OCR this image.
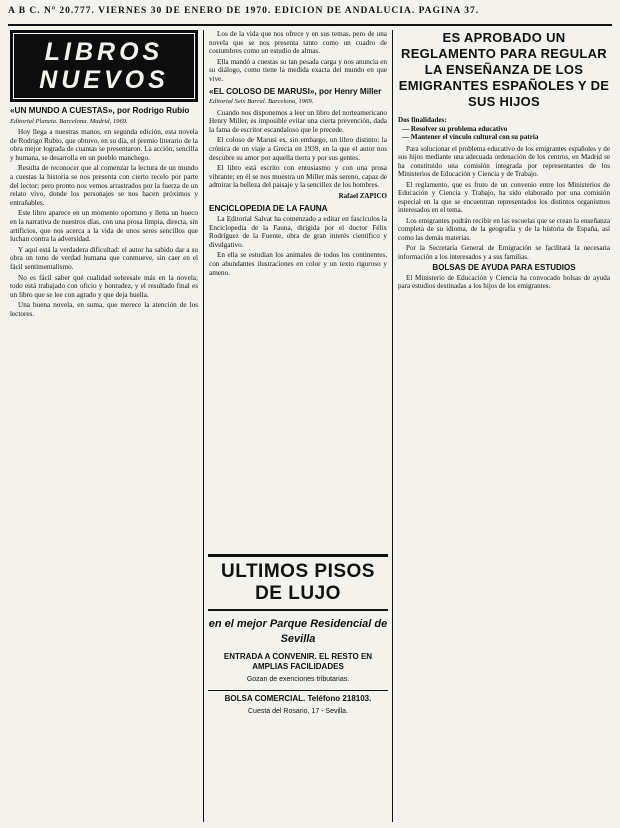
A B C. Nº 20.777. VIERNES 30 DE ENERO DE 1970. EDICION DE ANDALUCIA. PAGINA 37.
LIBROS
NUEVOS
«UN MUNDO A CUESTAS», por Rodrigo Rubio
Editorial Planeta. Barcelona. Madrid, 1969.

Hoy llega a nuestras manos, en segunda edición, esta novela de Rodrigo Rubio, que obtuvo, en su día, el premio literario de la obra mejor lograda de cuantas se presentaron. La acción, sencilla y humana, se desarrolla en un pueblo manchego.

Resulta de reconocer que al comenzar la lectura de un mundo a cuestas la historia se nos presenta con cierto recelo por parte del lector; pero pronto nos vemos arrastrados por la fuerza de un relato vivo, donde los personajes se nos hacen próximos y entrañables.

Este libro aparece en un momento oportuno y llena un hueco en la narrativa de nuestros días, con una prosa limpia, directa, sin artificios, que nos acerca a la vida de unos seres sencillos que luchan contra la adversidad.

Y aquí está la verdadera dificultad: el autor ha sabido dar a su obra un tono de verdad humana que conmueve, sin caer en el fácil sentimentalismo.

No es fácil saber qué cualidad sobresale más en la novela; todo está trabajado con oficio y honradez, y el resultado final es un libro que se lee con agrado y que deja huella.

Una buena novela, en suma, que merece la atención de los lectores.

Los de la vida que nos ofrece y en sus temas, pero de una novela que se nos presenta tanto como un cuadro de costumbres como un estudio de almas.

Ella mandó a cuestas su tan pesada carga y nos anuncia en su diálogo, como tiene la medida exacta del mundo en que vive.

«EL COLOSO DE MARUSI», por Henry Miller
Editorial Seix Barral. Barcelona, 1969.

Cuando nos disponemos a leer un libro del norteamericano Henry Miller, es imposible evitar una cierta prevención, dada la fama de escritor escandaloso que le precede.

El coloso de Marusi es, sin embargo, un libro distinto: la crónica de un viaje a Grecia en 1939, en la que el autor nos descubre su amor por aquella tierra y por sus gentes.

El libro está escrito con entusiasmo y con una prosa vibrante; en él se nos muestra un Miller más sereno, capaz de admirar la belleza del paisaje y la sencillez de los hombres.

Rafael ZAPICO
ENCICLOPEDIA DE LA FAUNA

La Editorial Salvat ha comenzado a editar en fascículos la Enciclopedia de la Fauna, dirigida por el doctor Félix Rodríguez de la Fuente, obra de gran interés científico y divulgativo.

En ella se estudian los animales de todos los continentes, con abundantes ilustraciones en color y un texto riguroso y ameno.

ULTIMOS PISOS DE LUJO
en el mejor Parque Residencial de Sevilla
ENTRADA A CONVENIR. EL RESTO EN AMPLIAS FACILIDADES
Gozan de exenciones tributarias.
BOLSA COMERCIAL. Teléfono 218103.
Cuesta del Rosario, 17 - Sevilla.
ES APROBADO UN REGLAMENTO PARA REGULAR LA ENSEÑANZA DE LOS EMIGRANTES ESPAÑOLES Y DE SUS HIJOS
Dos finalidades:
— Resolver su problema educativo
— Mantener el vínculo cultural con su patria

Para solucionar el problema educativo de los emigrantes españoles y de sus hijos mediante una adecuada ordenación de los centros, en Madrid se ha constituido una comisión integrada por representantes de los Ministerios de Educación y Ciencia y de Trabajo.

El reglamento, que es fruto de un convenio entre los Ministerios de Educación y Ciencia y Trabajo, ha sido elaborado por una comisión especial en la que se encuentran representados los distintos organismos interesados en el tema.

Los emigrantes podrán recibir en las escuelas que se crean la enseñanza completa de su idioma, de la geografía y de la historia de España, así como las demás materias.

Por la Secretaría General de Emigración se facilitará la necesaria información a los interesados y a sus familias.

BOLSAS DE AYUDA PARA ESTUDIOS

El Ministerio de Educación y Ciencia ha convocado bolsas de ayuda para estudios destinadas a los hijos de los emigrantes.
